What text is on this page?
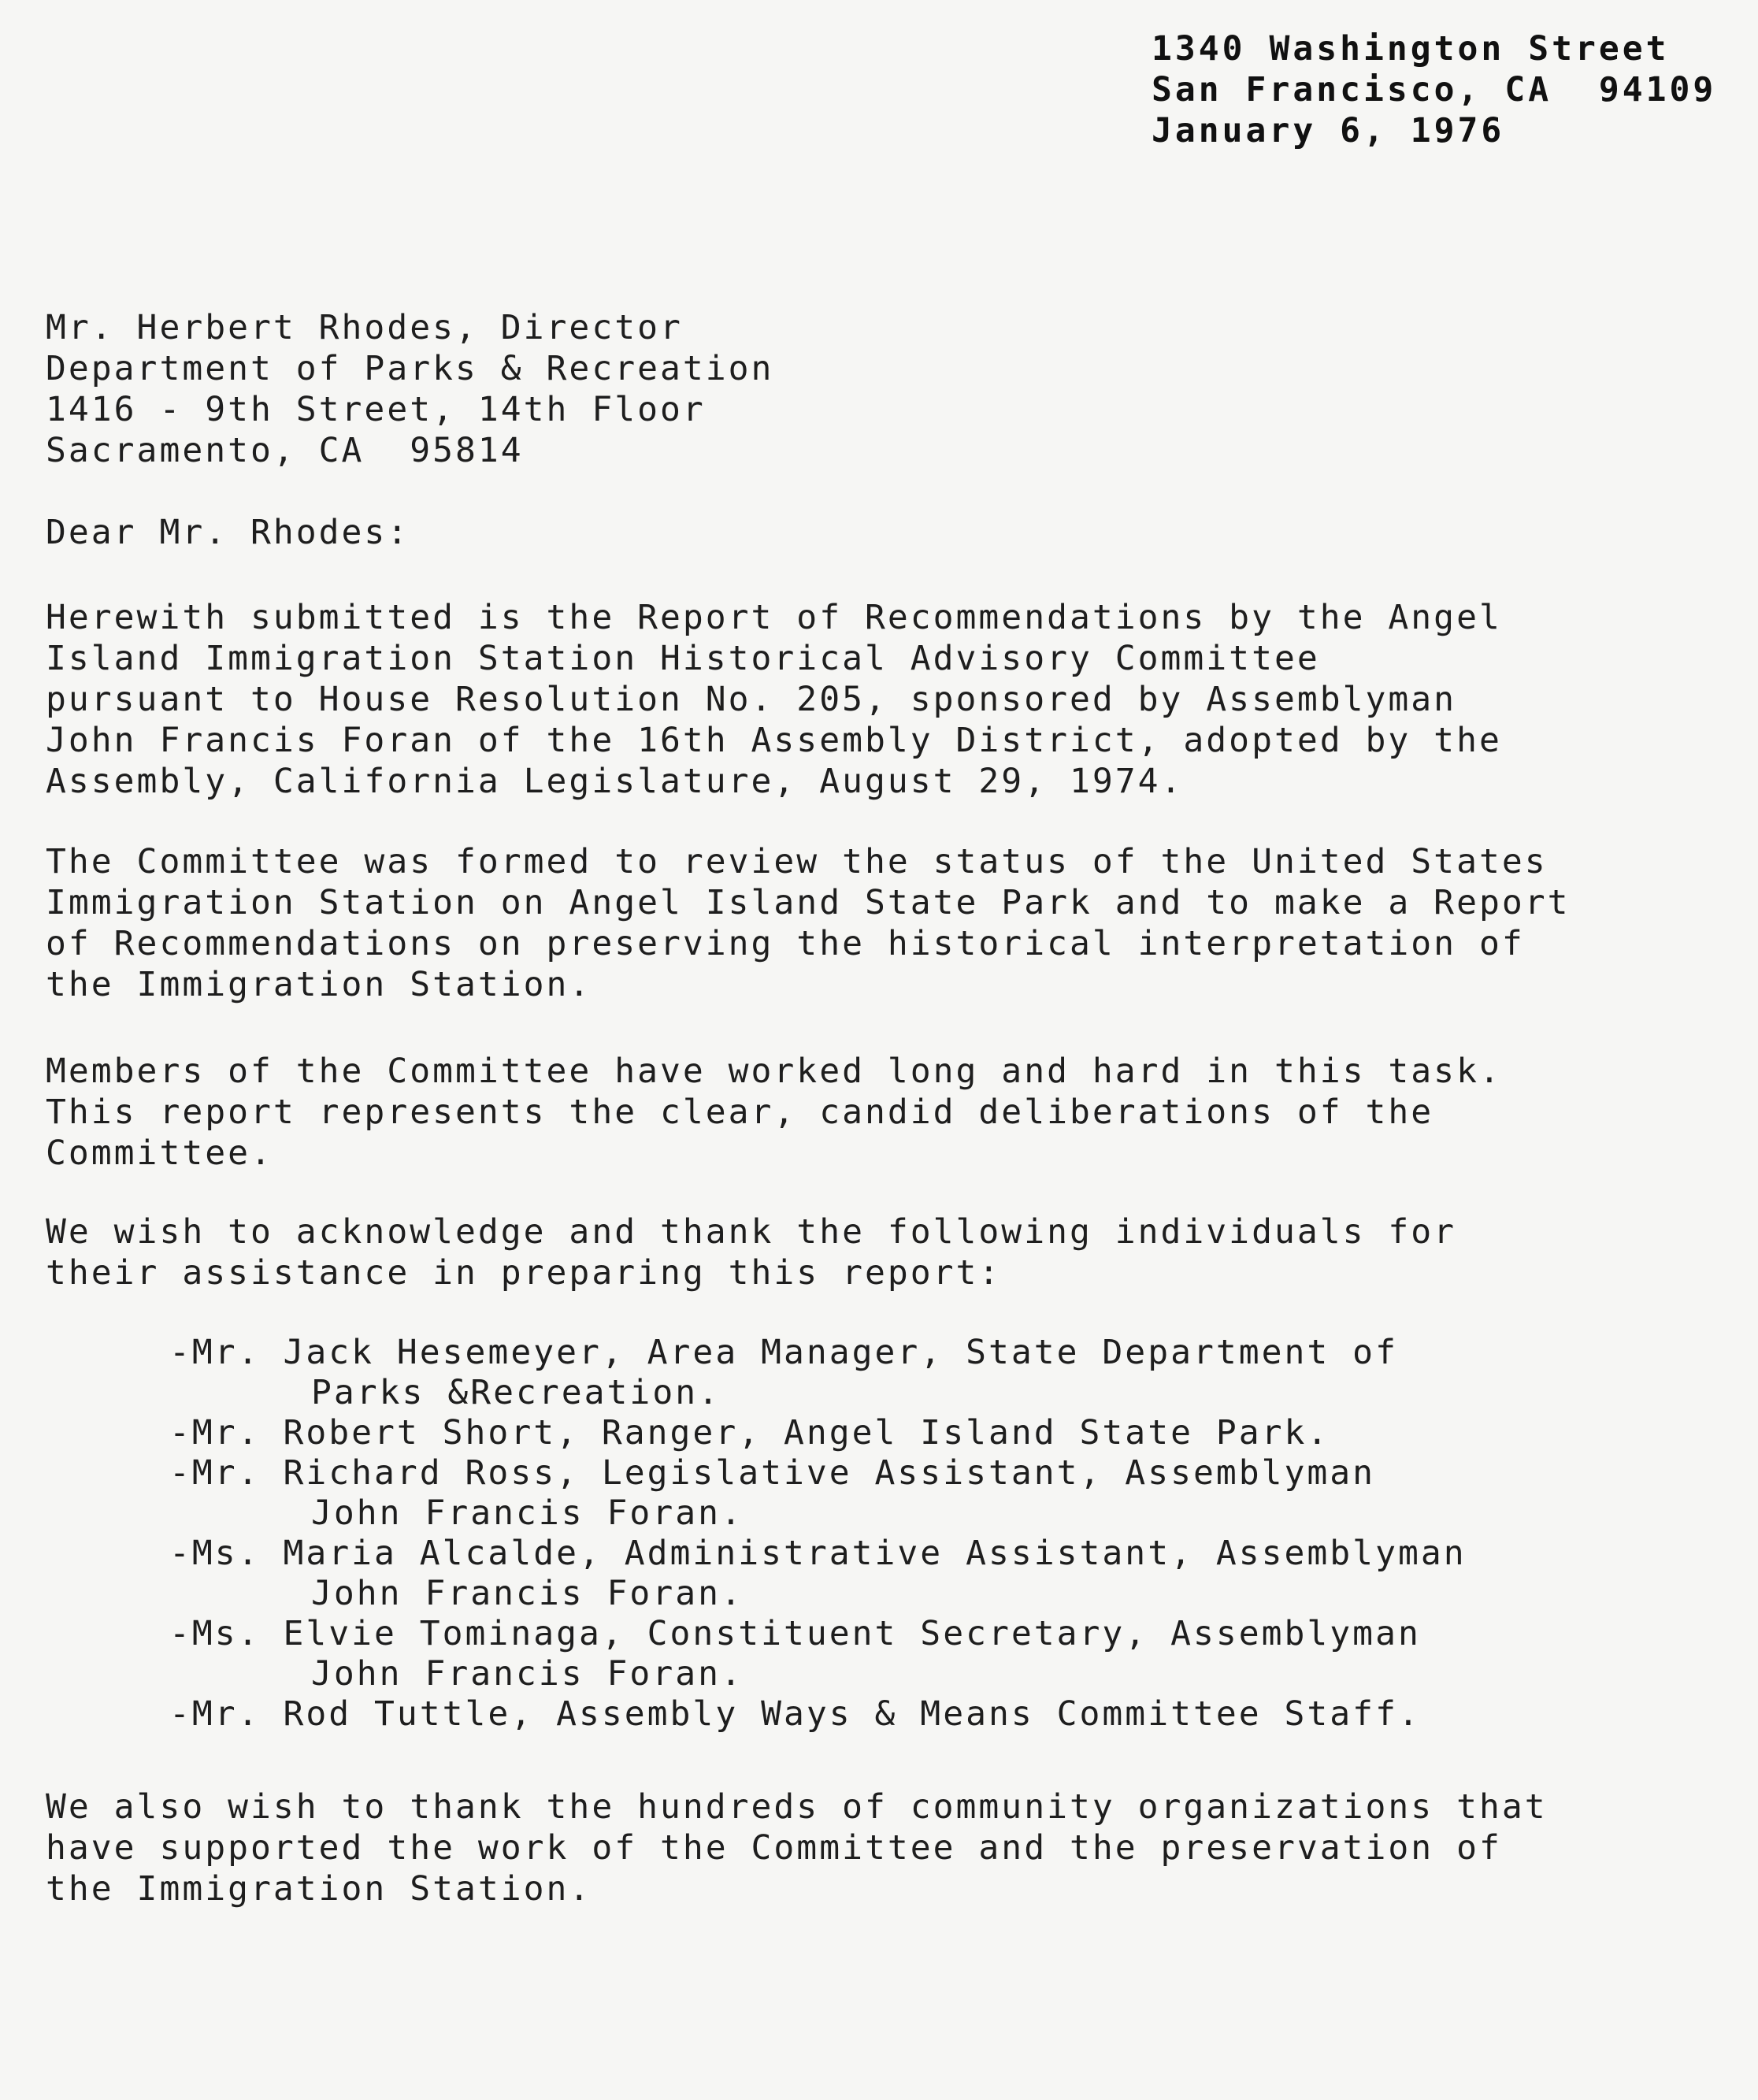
1340 Washington Street
San Francisco, CA  94109
January 6, 1976
Mr. Herbert Rhodes, Director
Department of Parks & Recreation
1416 - 9th Street, 14th Floor
Sacramento, CA  95814
Dear Mr. Rhodes:
Herewith submitted is the Report of Recommendations by the Angel
Island Immigration Station Historical Advisory Committee
pursuant to House Resolution No. 205, sponsored by Assemblyman
John Francis Foran of the 16th Assembly District, adopted by the
Assembly, California Legislature, August 29, 1974.
The Committee was formed to review the status of the United States
Immigration Station on Angel Island State Park and to make a Report
of Recommendations on preserving the historical interpretation of
the Immigration Station.
Members of the Committee have worked long and hard in this task.
This report represents the clear, candid deliberations of the
Committee.
We wish to acknowledge and thank the following individuals for
their assistance in preparing this report:
-Mr. Jack Hesemeyer, Area Manager, State Department of
Parks &Recreation.
-Mr. Robert Short, Ranger, Angel Island State Park.
-Mr. Richard Ross, Legislative Assistant, Assemblyman
John Francis Foran.
-Ms. Maria Alcalde, Administrative Assistant, Assemblyman
John Francis Foran.
-Ms. Elvie Tominaga, Constituent Secretary, Assemblyman
John Francis Foran.
-Mr. Rod Tuttle, Assembly Ways & Means Committee Staff.
We also wish to thank the hundreds of community organizations that
have supported the work of the Committee and the preservation of
the Immigration Station.
